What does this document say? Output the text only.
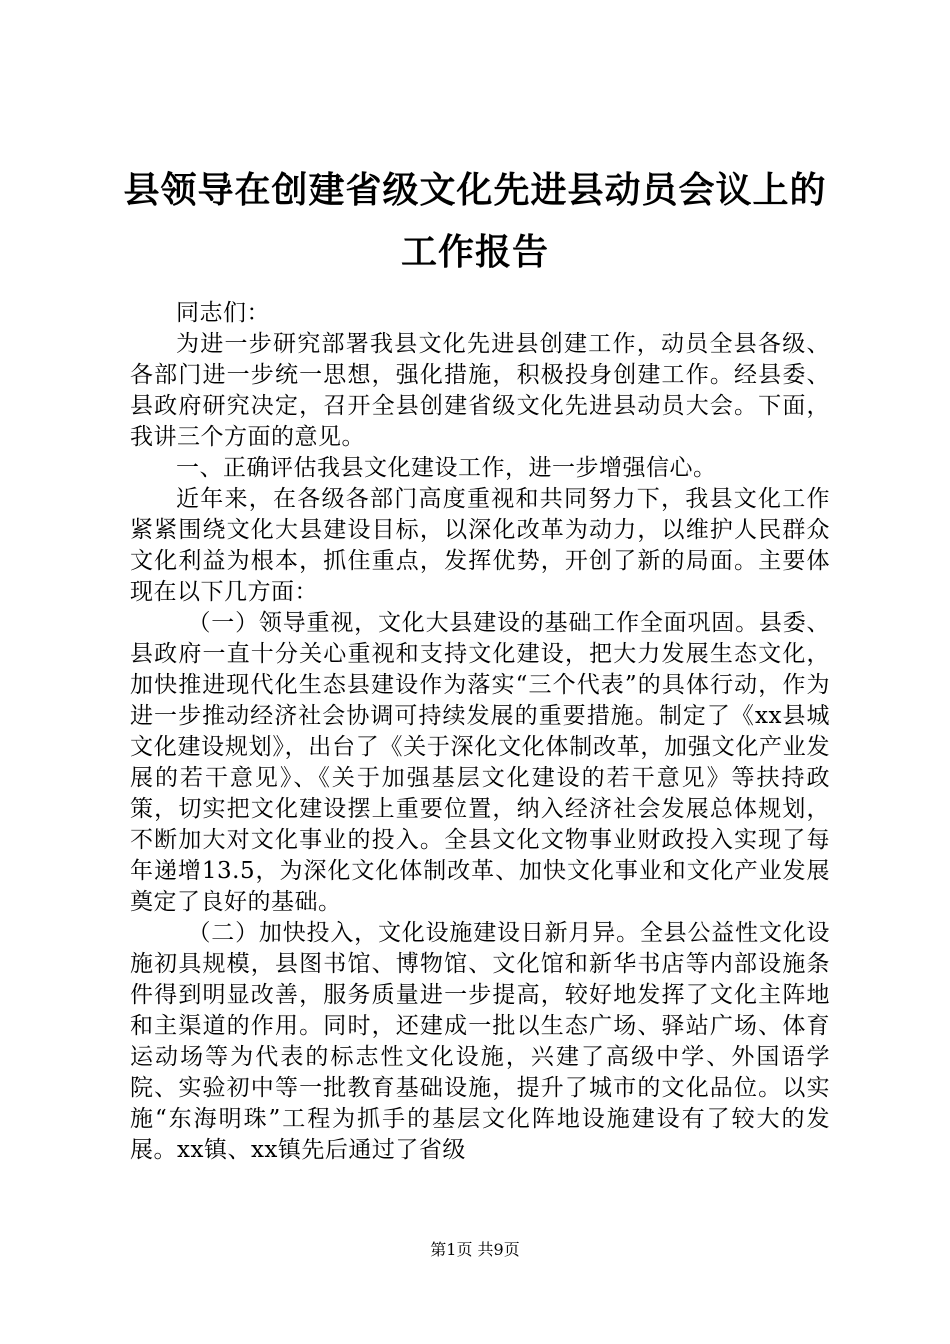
县领导在创建省级文化先进县动员会议上的工作报告

同志们：

为进一步研究部署我县文化先进县创建工作，动员全县各级、各部门进一步统一思想，强化措施，积极投身创建工作。经县委、县政府研究决定，召开全县创建省级文化先进县动员大会。下面，我讲三个方面的意见。

一、正确评估我县文化建设工作，进一步增强信心。

近年来，在各级各部门高度重视和共同努力下，我县文化工作紧紧围绕文化大县建设目标，以深化改革为动力，以维护人民群众文化利益为根本，抓住重点，发挥优势，开创了新的局面。主要体现在以下几方面：

（一）领导重视，文化大县建设的基础工作全面巩固。县委、县政府一直十分关心重视和支持文化建设，把大力发展生态文化，加快推进现代化生态县建设作为落实“三个代表”的具体行动，作为进一步推动经济社会协调可持续发展的重要措施。制定了《xx县城文化建设规划》，出台了《关于深化文化体制改革，加强文化产业发展的若干意见》、《关于加强基层文化建设的若干意见》等扶持政策，切实把文化建设摆上重要位置，纳入经济社会发展总体规划，不断加大对文化事业的投入。全县文化文物事业财政投入实现了每年递增13.5，为深化文化体制改革、加快文化事业和文化产业发展奠定了良好的基础。

（二）加快投入，文化设施建设日新月异。全县公益性文化设施初具规模，县图书馆、博物馆、文化馆和新华书店等内部设施条件得到明显改善，服务质量进一步提高，较好地发挥了文化主阵地和主渠道的作用。同时，还建成一批以生态广场、驿站广场、体育运动场等为代表的标志性文化设施，兴建了高级中学、外国语学院、实验初中等一批教育基础设施，提升了城市的文化品位。以实施“东海明珠”工程为抓手的基层文化阵地设施建设有了较大的发展。xx镇、xx镇先后通过了省级

第1页 共9页
